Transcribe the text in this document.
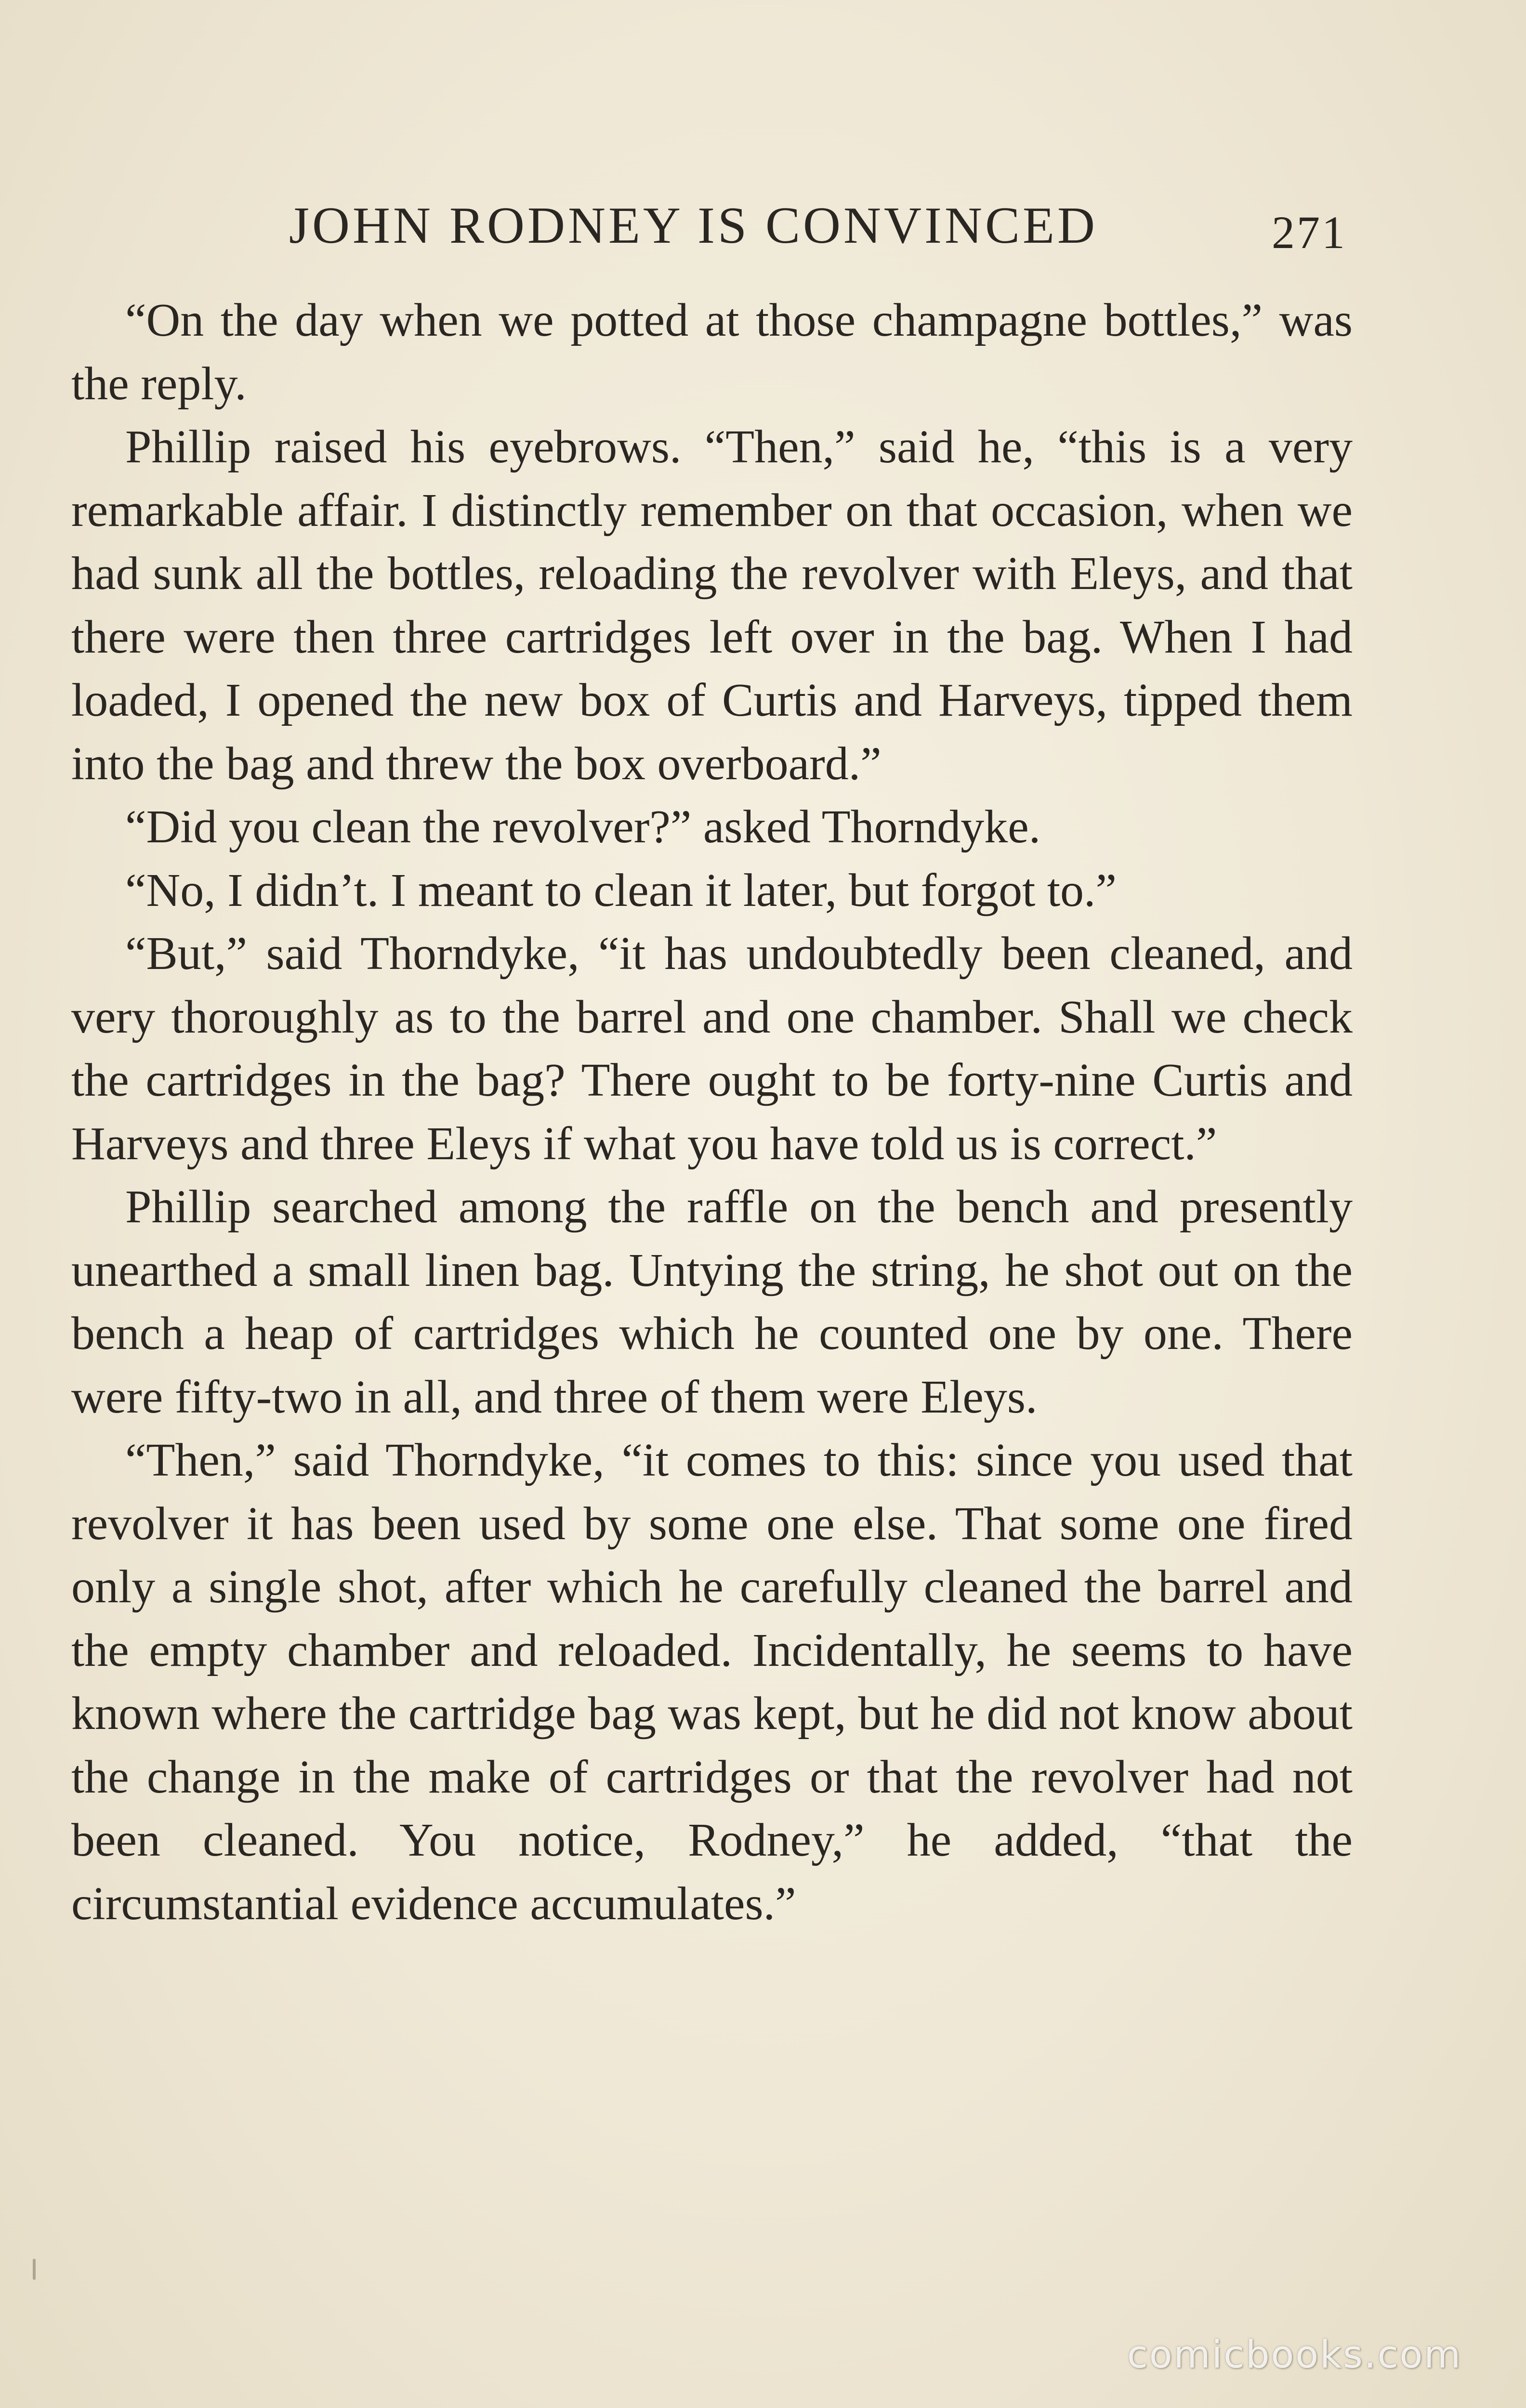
JOHN RODNEY IS CONVINCED	271

“On the day when we potted at those champagne bottles,” was the reply.

Phillip raised his eyebrows. “Then,” said he, “this is a very remarkable affair. I distinctly remember on that occasion, when we had sunk all the bottles, reloading the revolver with Eleys, and that there were then three cartridges left over in the bag. When I had loaded, I opened the new box of Curtis and Harveys, tipped them into the bag and threw the box overboard.”

“Did you clean the revolver?” asked Thorndyke.

“No, I didn’t. I meant to clean it later, but forgot to.”

“But,” said Thorndyke, “it has undoubtedly been cleaned, and very thoroughly as to the barrel and one chamber. Shall we check the cartridges in the bag? There ought to be forty-nine Curtis and Harveys and three Eleys if what you have told us is correct.”

Phillip searched among the raffle on the bench and presently unearthed a small linen bag. Untying the string, he shot out on the bench a heap of cartridges which he counted one by one. There were fifty-two in all, and three of them were Eleys.

“Then,” said Thorndyke, “it comes to this: since you used that revolver it has been used by some one else. That some one fired only a single shot, after which he carefully cleaned the barrel and the empty chamber and reloaded. Incidentally, he seems to have known where the cartridge bag was kept, but he did not know about the change in the make of cartridges or that the revolver had not been cleaned. You notice, Rodney,” he added, “that the circumstantial evidence accumulates.”

comicbooks.com
